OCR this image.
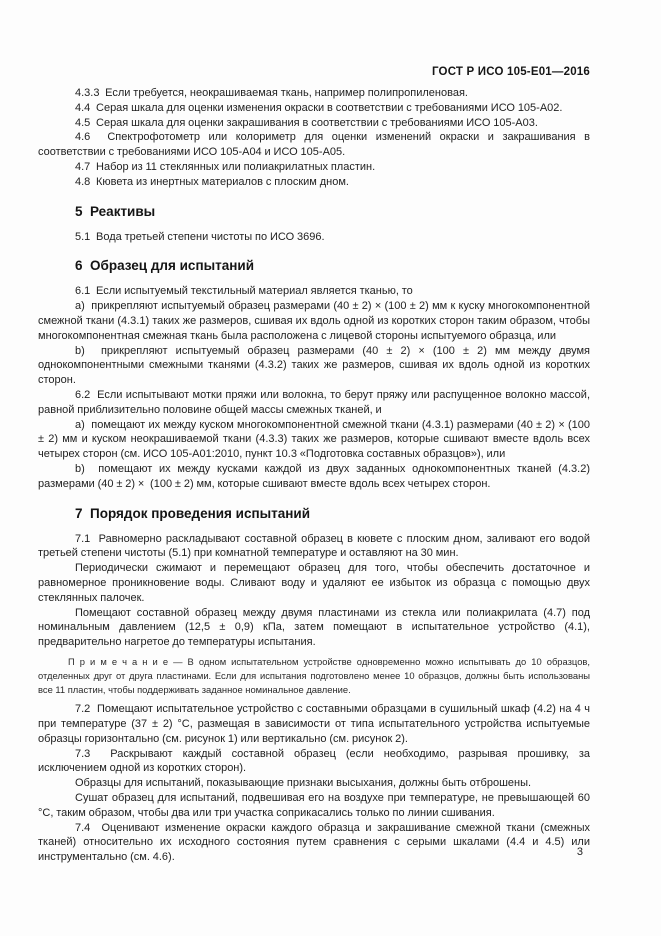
ГОСТ Р ИСО 105-Е01—2016

4.3.3  Если требуется, неокрашиваемая ткань, например полипропиленовая.

4.4  Серая шкала для оценки изменения окраски в соответствии с требованиями ИСО 105-А02.

4.5  Серая шкала для оценки закрашивания в соответствии с требованиями ИСО 105-А03.

4.6  Спектрофотометр или колориметр для оценки изменений окраски и закрашивания в соответствии с требованиями ИСО 105-А04 и ИСО 105-А05.

4.7  Набор из 11 стеклянных или полиакрилатных пластин.

4.8  Кювета из инертных материалов с плоским дном.

5  Реактивы

5.1  Вода третьей степени чистоты по ИСО 3696.

6  Образец для испытаний

6.1  Если испытуемый текстильный материал является тканью, то

а)  прикрепляют испытуемый образец размерами (40 ± 2) × (100 ± 2) мм к куску многокомпонентной смежной ткани (4.3.1) таких же размеров, сшивая их вдоль одной из коротких сторон таким образом, чтобы многокомпонентная смежная ткань была расположена с лицевой стороны испытуемого образца, или

b)  прикрепляют испытуемый образец размерами (40 ± 2) × (100 ± 2) мм между двумя однокомпонентными смежными тканями (4.3.2) таких же размеров, сшивая их вдоль одной из коротких сторон.

6.2  Если испытывают мотки пряжи или волокна, то берут пряжу или распущенное волокно массой, равной приблизительно половине общей массы смежных тканей, и

а)  помещают их между куском многокомпонентной смежной ткани (4.3.1) размерами (40 ± 2) × (100 ± 2) мм и куском неокрашиваемой ткани (4.3.3) таких же размеров, которые сшивают вместе вдоль всех четырех сторон (см. ИСО 105-А01:2010, пункт 10.3 «Подготовка составных образцов»), или

b)  помещают их между кусками каждой из двух заданных однокомпонентных тканей (4.3.2) размерами (40 ± 2) ×  (100 ± 2) мм, которые сшивают вместе вдоль всех четырех сторон.

7  Порядок проведения испытаний

7.1  Равномерно раскладывают составной образец в кювете с плоским дном, заливают его водой третьей степени чистоты (5.1) при комнатной температуре и оставляют на 30 мин.

Периодически сжимают и перемещают образец для того, чтобы обеспечить достаточное и равномерное проникновение воды. Сливают воду и удаляют ее избыток из образца с помощью двух стеклянных палочек.

Помещают составной образец между двумя пластинами из стекла или полиакрилата (4.7) под номинальным давлением (12,5 ± 0,9) кПа, затем помещают в испытательное устройство (4.1), предварительно нагретое до температуры испытания.

П р и м е ч а н и е — В одном испытательном устройстве одновременно можно испытывать до 10 образцов, отделенных друг от друга пластинами. Если для испытания подготовлено менее 10 образцов, должны быть использованы все 11 пластин, чтобы поддерживать заданное номинальное давление.

7.2  Помещают испытательное устройство с составными образцами в сушильный шкаф (4.2) на 4 ч при температуре (37 ± 2) °С, размещая в зависимости от типа испытательного устройства испытуемые образцы горизонтально (см. рисунок 1) или вертикально (см. рисунок 2).

7.3  Раскрывают каждый составной образец (если необходимо, разрывая прошивку, за исключением одной из коротких сторон).

Образцы для испытаний, показывающие признаки высыхания, должны быть отброшены.

Сушат образец для испытаний, подвешивая его на воздухе при температуре, не превышающей 60 °С, таким образом, чтобы два или три участка соприкасались только по линии сшивания.

7.4  Оценивают изменение окраски каждого образца и закрашивание смежной ткани (смежных тканей) относительно их исходного состояния путем сравнения с серыми шкалами (4.4 и 4.5) или инструментально (см. 4.6).	3
